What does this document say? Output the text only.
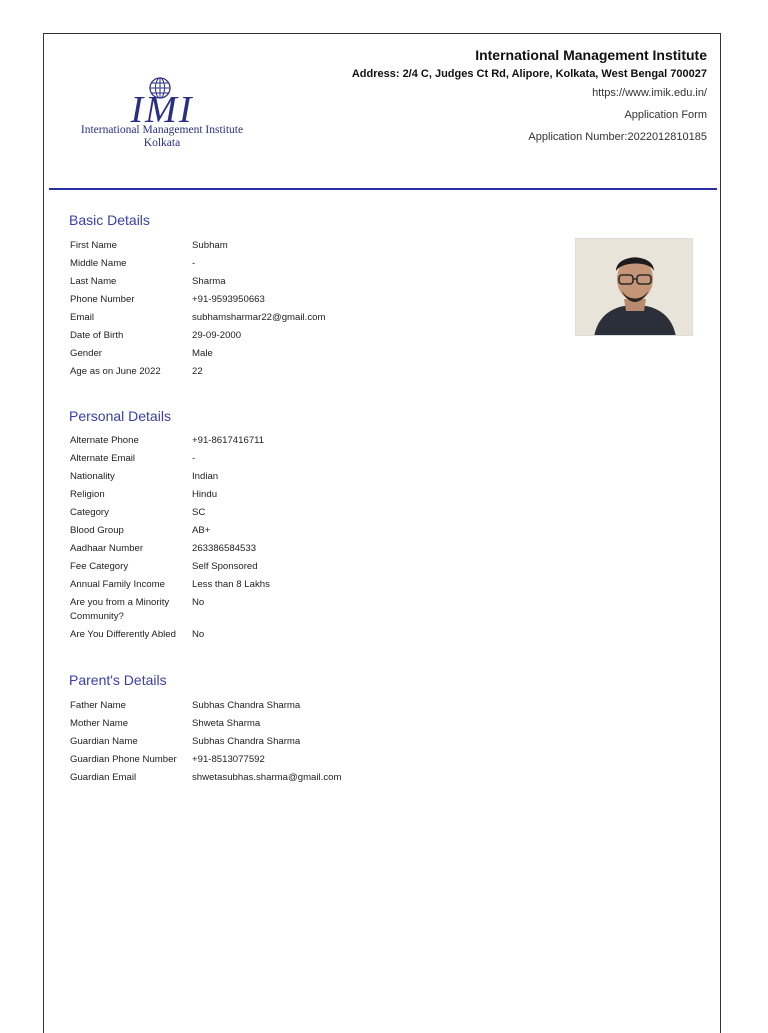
IMI
International Management Institute
Kolkata
International Management Institute
Address: 2/4 C, Judges Ct Rd, Alipore, Kolkata, West Bengal 700027
https://www.imik.edu.in/
Application Form
Application Number:2022012810185
Basic Details
First Name	Subham
Middle Name	-
Last Name	Sharma
Phone Number	+91-9593950663
Email	subhamsharmar22@gmail.com
Date of Birth	29-09-2000
Gender	Male
Age as on June 2022	22
Personal Details
Alternate Phone	+91-8617416711
Alternate Email	-
Nationality	Indian
Religion	Hindu
Category	SC
Blood Group	AB+
Aadhaar Number	263386584533
Fee Category	Self Sponsored
Annual Family Income	Less than 8 Lakhs
Are you from a Minority Community?
No
Are You Differently Abled	No
Parent's Details
Father Name	Subhas Chandra Sharma
Mother Name	Shweta Sharma
Guardian Name	Subhas Chandra Sharma
Guardian Phone Number	+91-8513077592
Guardian Email	shwetasubhas.sharma@gmail.com
